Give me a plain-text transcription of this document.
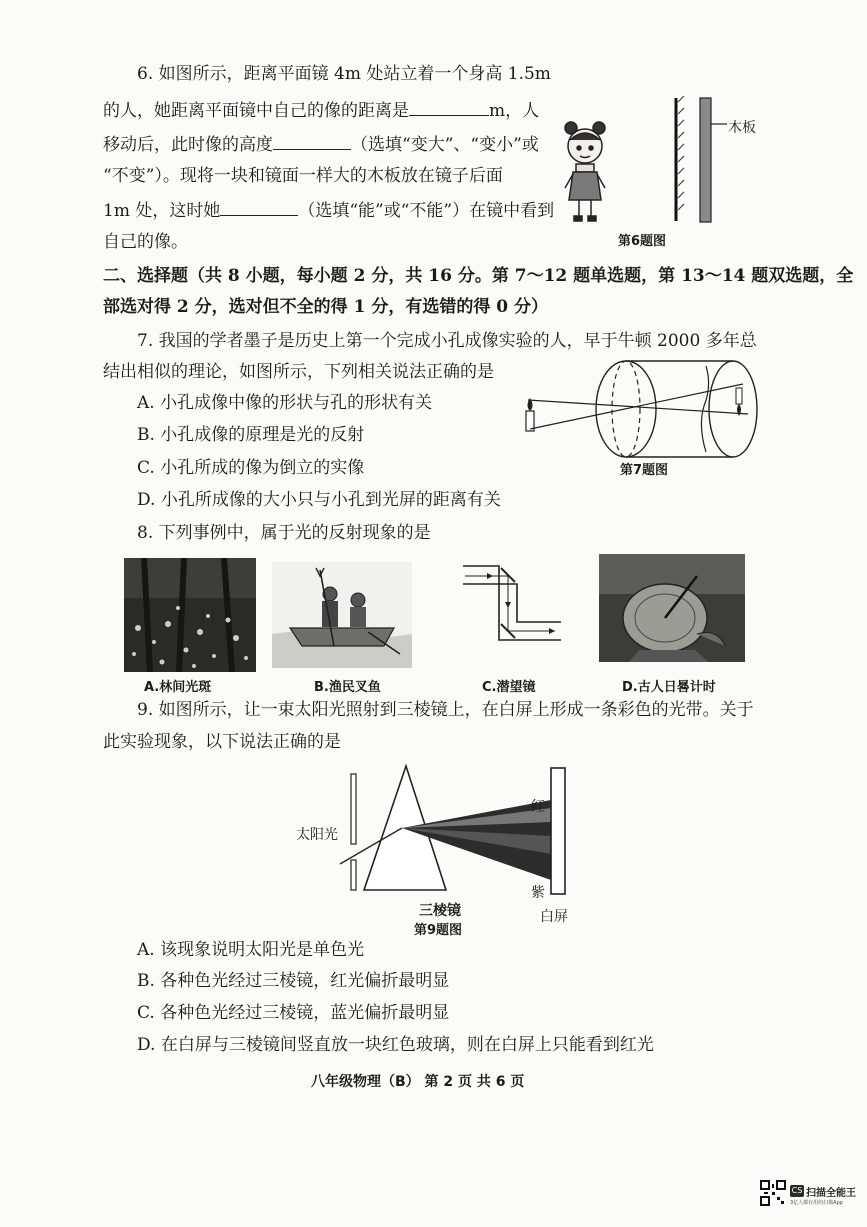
6. 如图所示，距离平面镜 4m 处站立着一个身高 1.5m
的人，她距离平面镜中自己的像的距离是	m，人
移动后，此时像的高度	（选填“变大”、“变小”或
“不变”）。现将一块和镜面一样大的木板放在镜子后面
1m 处，这时她	（选填“能”或“不能”）在镜中看到
自己的像。
木板
第6题图
二、选择题（共 8 小题，每小题 2 分，共 16 分。第 7～12 题单选题，第 13～14 题双选题，全
部选对得 2 分，选对但不全的得 1 分，有选错的得 0 分）
7. 我国的学者墨子是历史上第一个完成小孔成像实验的人，早于牛顿 2000 多年总
结出相似的理论，如图所示，下列相关说法正确的是
A. 小孔成像中像的形状与孔的形状有关
B. 小孔成像的原理是光的反射
C. 小孔所成的像为倒立的实像
D. 小孔所成像的大小只与小孔到光屏的距离有关
第7题图
8. 下列事例中，属于光的反射现象的是
A.林间光斑	B.渔民叉鱼	C.潜望镜	D.古人日晷计时
9. 如图所示，让一束太阳光照射到三棱镜上，在白屏上形成一条彩色的光带。关于
此实验现象，以下说法正确的是
太阳光
红
紫
三棱镜
第9题图
白屏
A. 该现象说明太阳光是单色光
B. 各种色光经过三棱镜，红光偏折最明显
C. 各种色光经过三棱镜，蓝光偏折最明显
D. 在白屏与三棱镜间竖直放一块红色玻璃，则在白屏上只能看到红光
八年级物理（B） 第 2 页 共 6 页
CS 扫描全能王
3亿人都在用的扫描App
